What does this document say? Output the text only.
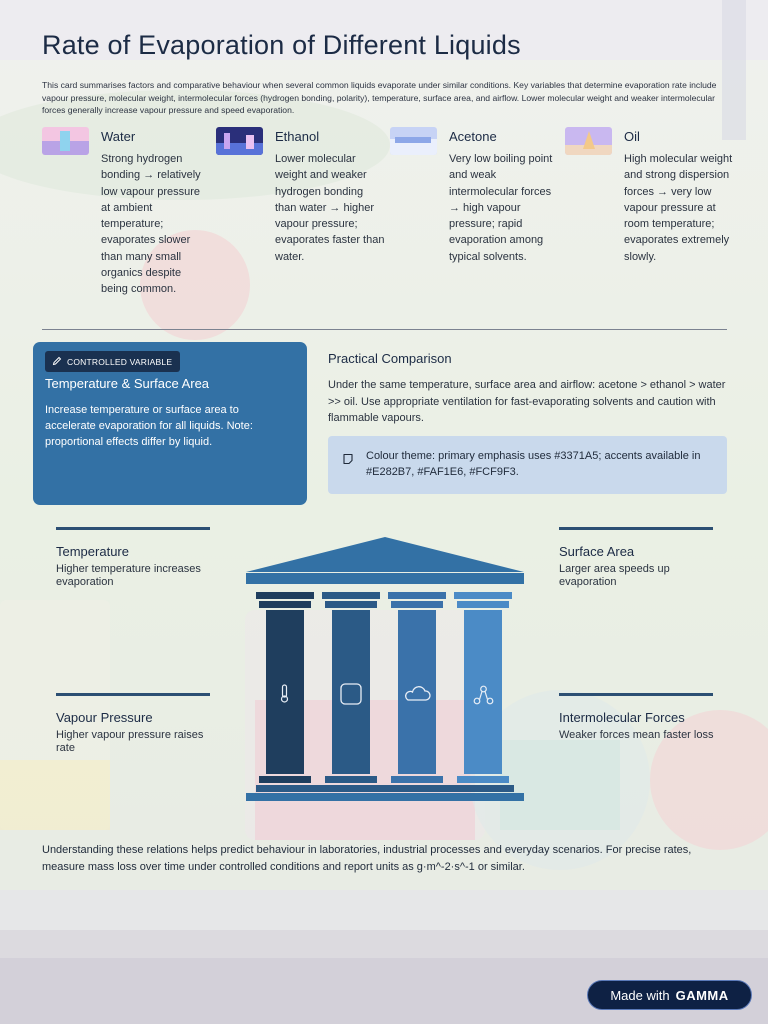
Rate of Evaporation of Different Liquids
This card summarises factors and comparative behaviour when several common liquids evaporate under similar conditions. Key variables that determine evaporation rate include vapour pressure, molecular weight, intermolecular forces (hydrogen bonding, polarity), temperature, surface area, and airflow. Lower molecular weight and weaker intermolecular forces generally increase vapour pressure and speed evaporation.
Water
Strong hydrogen bonding → relatively low vapour pressure at ambient temperature; evaporates slower than many small organics despite being common.
Ethanol
Lower molecular weight and weaker hydrogen bonding than water → higher vapour pressure; evaporates faster than water.
Acetone
Very low boiling point and weak intermolecular forces → high vapour pressure; rapid evaporation among typical solvents.
Oil
High molecular weight and strong dispersion forces → very low vapour pressure at room temperature; evaporates extremely slowly.
CONTROLLED VARIABLE
Temperature & Surface Area
Increase temperature or surface area to accelerate evaporation for all liquids. Note: proportional effects differ by liquid.
Practical Comparison
Under the same temperature, surface area and airflow: acetone > ethanol > water >> oil. Use appropriate ventilation for fast-evaporating solvents and caution with flammable vapours.
Colour theme: primary emphasis uses #3371A5; accents available in #E282B7, #FAF1E6, #FCF9F3.
Temperature
Higher temperature increases evaporation
Surface Area
Larger area speeds up evaporation
Vapour Pressure
Higher vapour pressure raises rate
Intermolecular Forces
Weaker forces mean faster loss
Understanding these relations helps predict behaviour in laboratories, industrial processes and everyday scenarios. For precise rates, measure mass loss over time under controlled conditions and report units as g·m^-2·s^-1 or similar.
Made with GAMMA
